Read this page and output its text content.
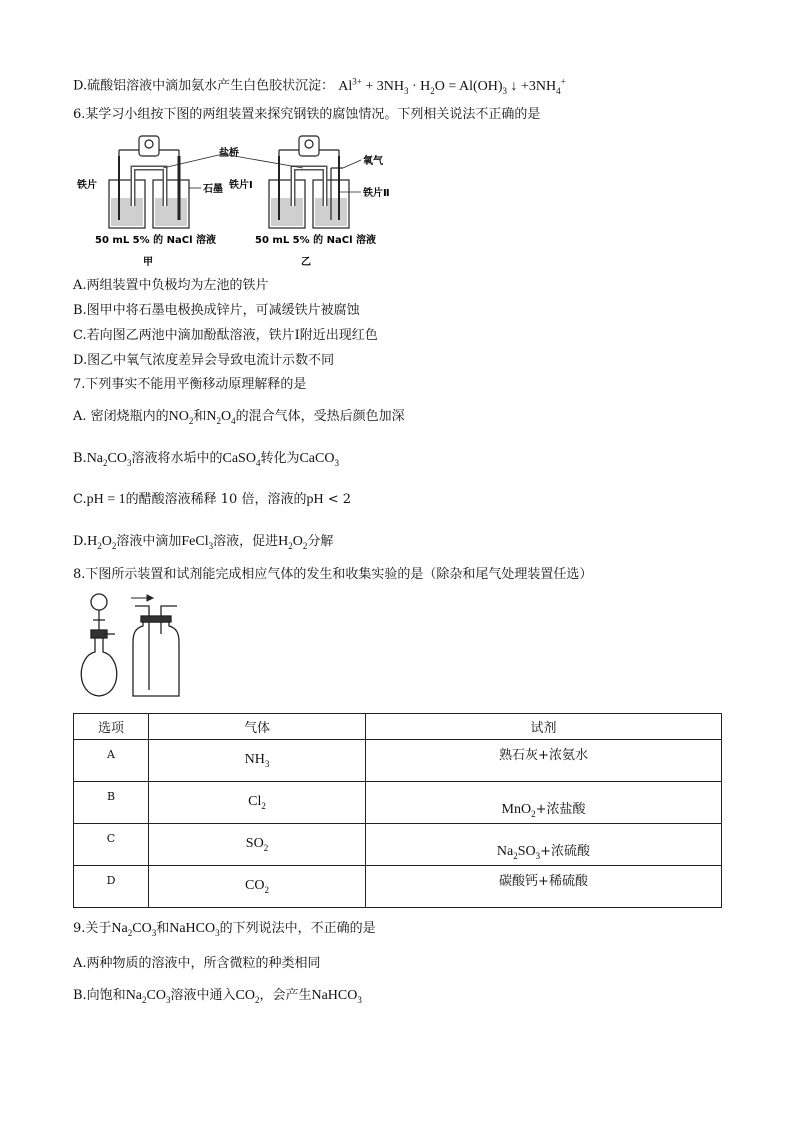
D.硫酸铝溶液中滴加氨水产生白色胶状沉淀： $Al^{3+} + 3NH_3 \cdot H_2O = Al(OH)_3$ ↓ $+3NH_4^+$
6.某学习小组按下图的两组装置来探究钢铁的腐蚀情况。下列相关说法不正确的是
盐桥
氧气
铁片	石墨 铁片Ⅰ
铁片Ⅱ
50 mL 5% 的 NaCl 溶液	50 mL 5% 的 NaCl 溶液
甲	乙
A.两组装置中负极均为左池的铁片
B.图甲中将石墨电极换成锌片，可减缓铁片被腐蚀
C.若向图乙两池中滴加酚酞溶液，铁片Ⅰ附近出现红色
D.图乙中氧气浓度差异会导致电流计示数不同
7.下列事实不能用平衡移动原理解释的是
A. 密闭烧瓶内的$NO_2$和$N_2O_4$的混合气体，受热后颜色加深
$B.Na_2CO_3$溶液将水垢中的CaSO$_4$转化为CaCO$_3$
C.pH = 1的醋酸溶液稀释 10 倍，溶液的pH < 2
$D.H_2O_2$溶液中滴加FeCl$_3$溶液，促进$H_2O_2$分解
8.下图所示装置和试剂能完成相应气体的发生和收集实验的是（除杂和尾气处理装置任选）
选项	气体	试剂
A	$NH_3$	熟石灰+浓氨水
B	$Cl_2$	MnO$_2$+浓盐酸
C	$SO_2$	$Na_2SO_3+$浓硫酸
D	$CO_2$	碳酸钙+稀硫酸
9.关于$Na_2CO_3$和NaHCO$_3$的下列说法中，不正确的是
A.两种物质的溶液中，所含微粒的种类相同
B.向饱和$Na_2CO_3$溶液中通入$CO_2$，会产生NaHCO$_3$
